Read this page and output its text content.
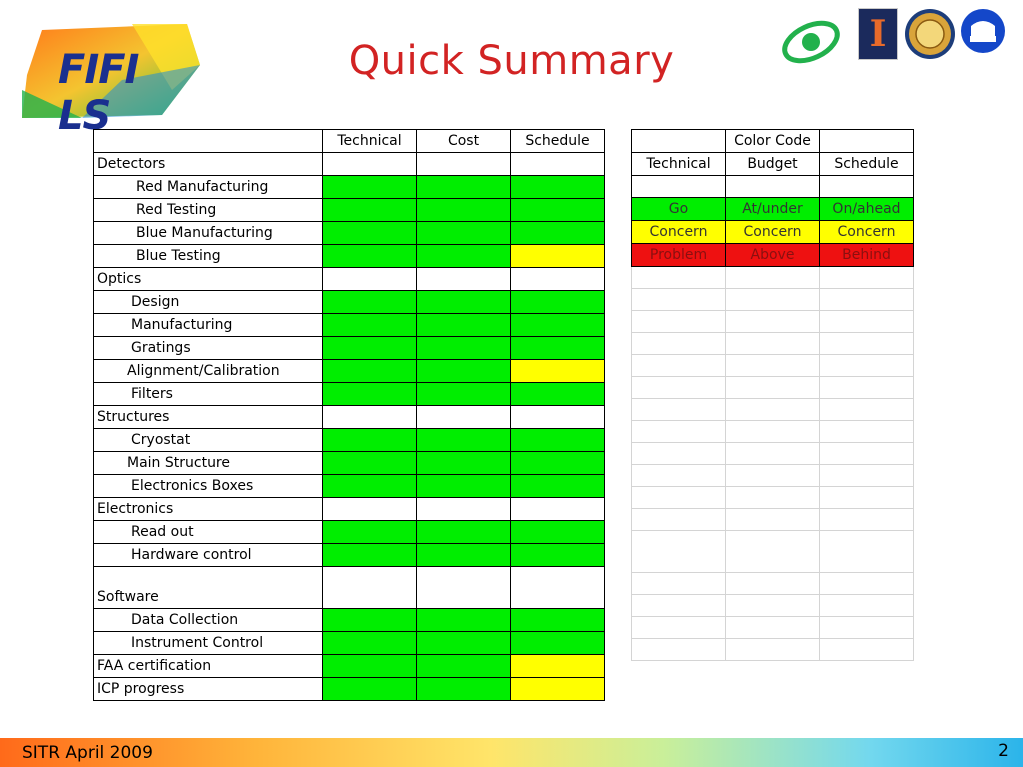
FIFI LS
Quick Summary
I
	Technical	Cost	Schedule
Detectors			
Red Manufacturing			
Red Testing			
Blue Manufacturing			
Blue Testing			
Optics			
Design			
Manufacturing			
Gratings			
Alignment/Calibration			
Filters			
Structures			
Cryostat			
Main Structure			
Electronics Boxes			
Electronics			
Read out			
Hardware control			
Software			
Data Collection			
Instrument Control			
FAA certification			
ICP progress			
	Color Code	
Technical	Budget	Schedule

Go	At/under	On/ahead
Concern	Concern	Concern
Problem	Above	Behind

SITR April 2009	2
